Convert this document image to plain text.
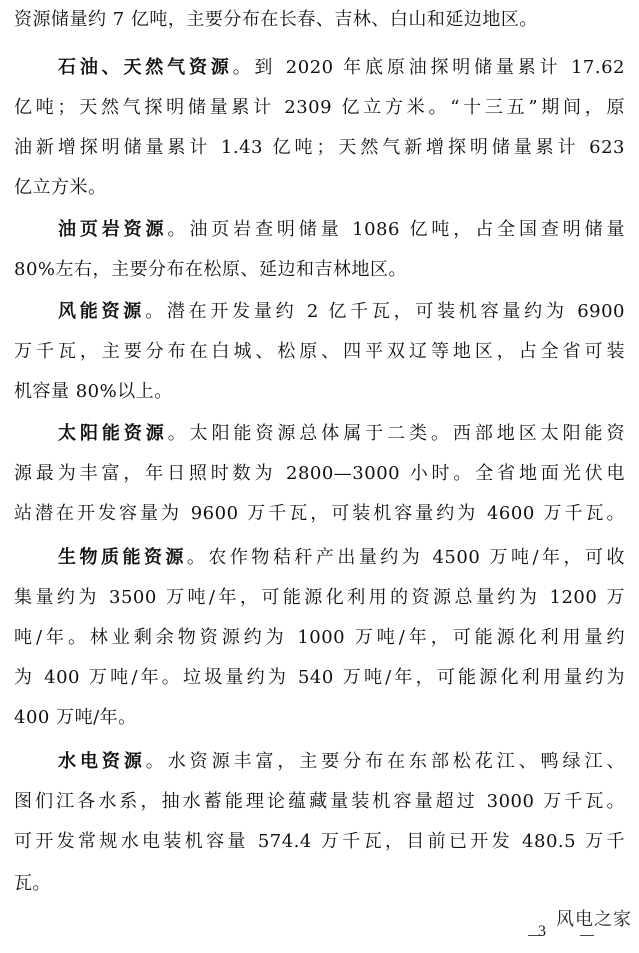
资源储量约 7 亿吨，主要分布在长春、吉林、白山和延边地区。
石油、天然气资源。到 2020 年底原油探明储量累计 17.62
亿吨；天然气探明储量累计 2309 亿立方米。“十三五”期间，原
油新增探明储量累计 1.43 亿吨；天然气新增探明储量累计 623
亿立方米。
油页岩资源。油页岩查明储量 1086 亿吨，占全国查明储量
80%左右，主要分布在松原、延边和吉林地区。
风能资源。潜在开发量约 2 亿千瓦，可装机容量约为 6900
万千瓦，主要分布在白城、松原、四平双辽等地区，占全省可装
机容量 80%以上。
太阳能资源。太阳能资源总体属于二类。西部地区太阳能资
源最为丰富，年日照时数为 2800—3000 小时。全省地面光伏电
站潜在开发容量为 9600 万千瓦，可装机容量约为 4600 万千瓦。
生物质能资源。农作物秸秆产出量约为 4500 万吨/年，可收
集量约为 3500 万吨/年，可能源化利用的资源总量约为 1200 万
吨/年。林业剩余物资源约为 1000 万吨/年，可能源化利用量约
为 400 万吨/年。垃圾量约为 540 万吨/年，可能源化利用量约为
400 万吨/年。
水电资源。水资源丰富，主要分布在东部松花江、鸭绿江、
图们江各水系，抽水蓄能理论蕴藏量装机容量超过 3000 万千瓦。
可开发常规水电装机容量 574.4 万千瓦，目前已开发 480.5 万千
瓦。
风电之家
3
